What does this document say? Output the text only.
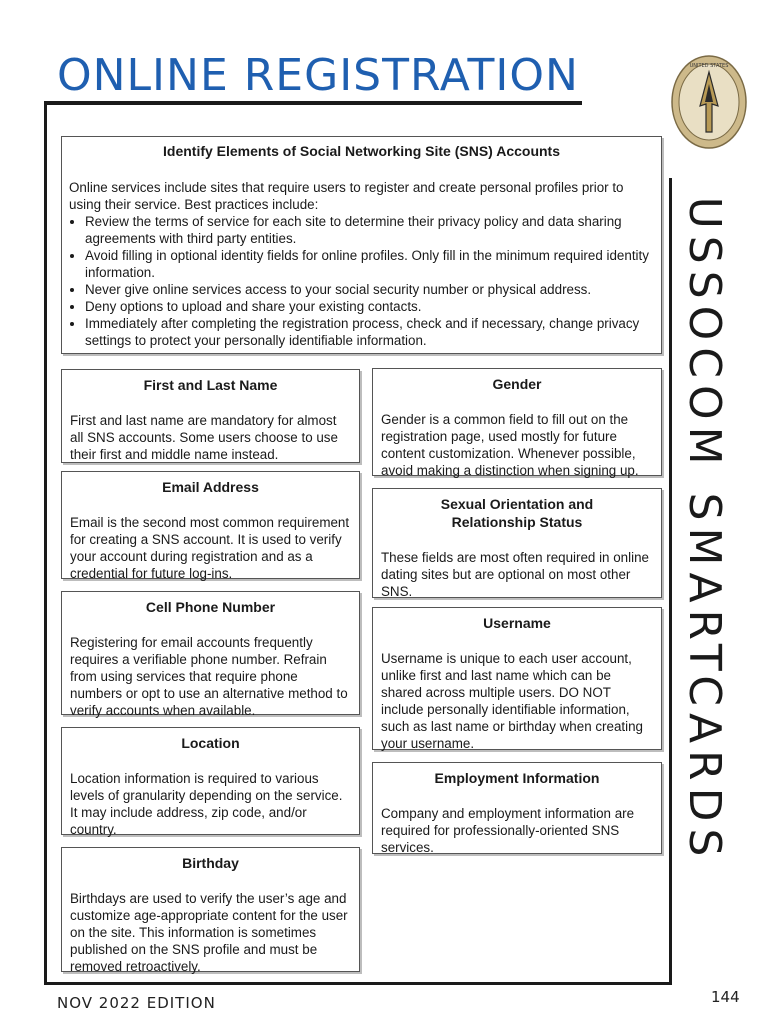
ONLINE REGISTRATION	UNITED STATES
USSOCOM SMARTCARDS
Identify Elements of Social Networking Site (SNS) Accounts

Online services include sites that require users to register and create personal profiles prior to using their service. Best practices include:

• Review the terms of service for each site to determine their privacy policy and data sharing agreements with third party entities.
• Avoid filling in optional identity fields for online profiles. Only fill in the minimum required identity information.
• Never give online services access to your social security number or physical address.
• Deny options to upload and share your existing contacts.
• Immediately after completing the registration process, check and if necessary, change privacy settings to protect your personally identifiable information.
First and Last Name

First and last name are mandatory for almost all SNS accounts. Some users choose to use their first and middle name instead.

Email Address

Email is the second most common requirement for creating a SNS account. It is used to verify your account during registration and as a credential for future log-ins.

Cell Phone Number

Registering for email accounts frequently requires a verifiable phone number. Refrain from using services that require phone numbers or opt to use an alternative method to verify accounts when available.

Location

Location information is required to various levels of granularity depending on the service. It may include address, zip code, and/or country.

Birthday

Birthdays are used to verify the user’s age and customize age-appropriate content for the user on the site. This information is sometimes published on the SNS profile and must be removed retroactively.

Gender

Gender is a common field to fill out on the registration page, used mostly for future content customization. Whenever possible, avoid making a distinction when signing up.

Sexual Orientation and Relationship Status

These fields are most often required in online dating sites but are optional on most other SNS.

Username

Username is unique to each user account, unlike first and last name which can be shared across multiple users. DO NOT include personally identifiable information, such as last name or birthday when creating your username.

Employment Information

Company and employment information are required for professionally-oriented SNS services.

NOV 2022 EDITION	144
